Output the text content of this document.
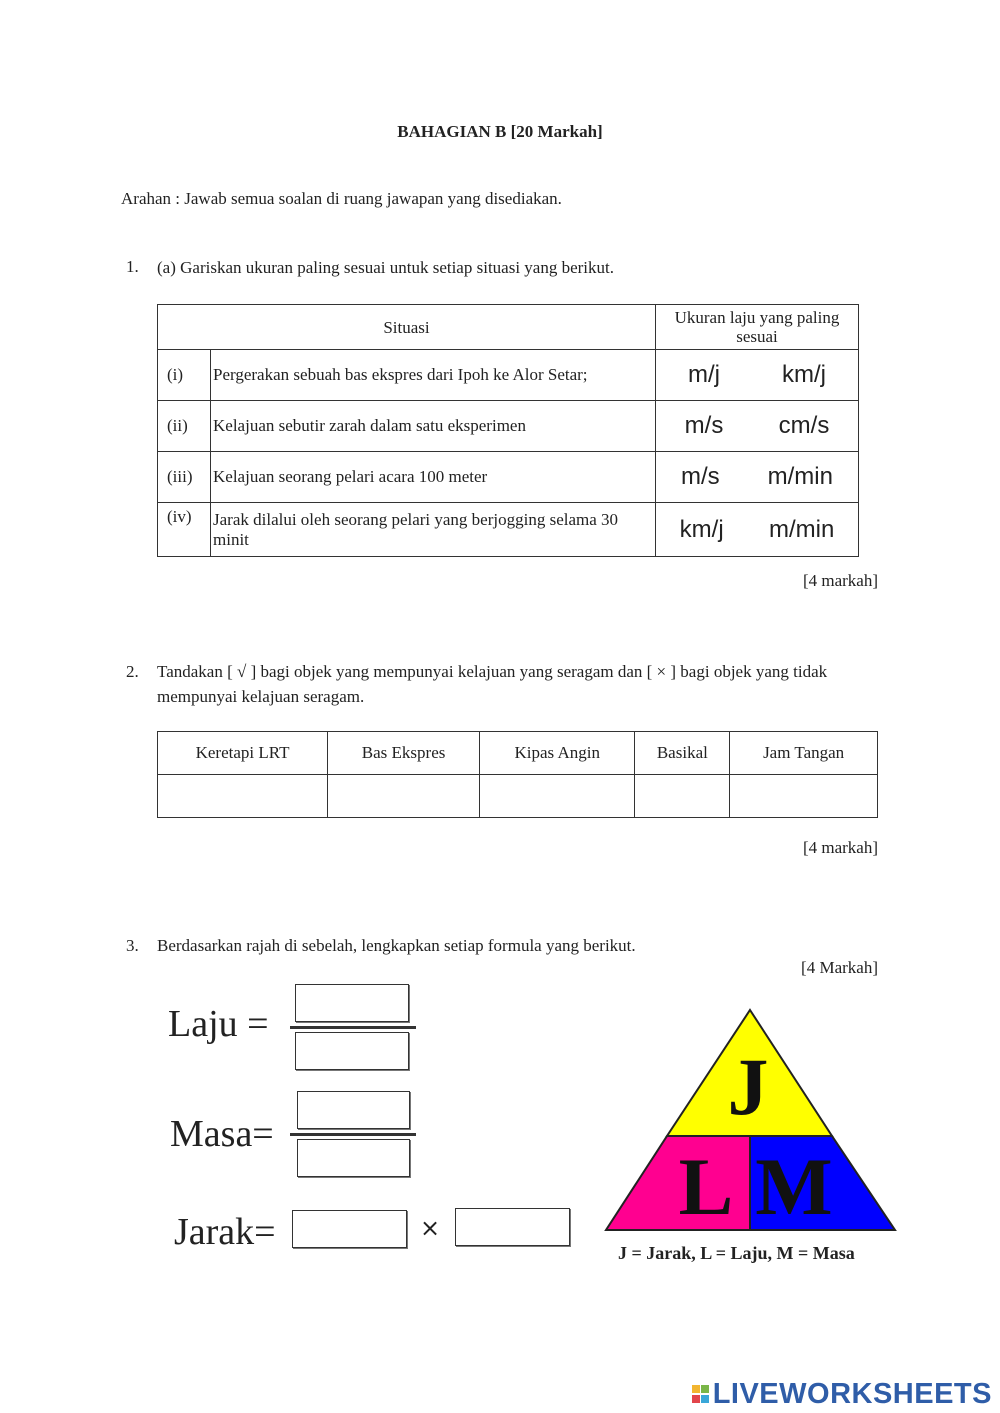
BAHAGIAN B [20 Markah]
Arahan : Jawab semua soalan di ruang jawapan yang disediakan.
1. (a) Gariskan ukuran paling sesuai untuk setiap situasi yang berikut.
Situasi		Ukuran laju yang paling sesuai
(i)	Pergerakan sebuah bas ekspres dari Ipoh ke Alor Setar;	m/j km/j

(ii)	Kelajuan sebutir zarah dalam satu eksperimen	m/s cm/s

(iii)	Kelajuan seorang pelari acara 100 meter	m/s m/min

(iv)	Jarak dilalui oleh seorang pelari yang berjogging selama 30 minit	km/j m/min
[4 markah]
2. Tandakan [ √ ] bagi objek yang mempunyai kelajuan yang seragam dan [ × ] bagi objek yang tidak mempunyai kelajuan seragam.
Keretapi LRT	Bas Ekspres	Kipas Angin	Basikal	Jam Tangan

[4 markah]
3. Berdasarkan rajah di sebelah, lengkapkan setiap formula yang berikut.
[4 Markah]
Laju =
Masa=
Jarak=	×
J
L M
J = Jarak, L = Laju, M = Masa
LIVEWORKSHEETS
